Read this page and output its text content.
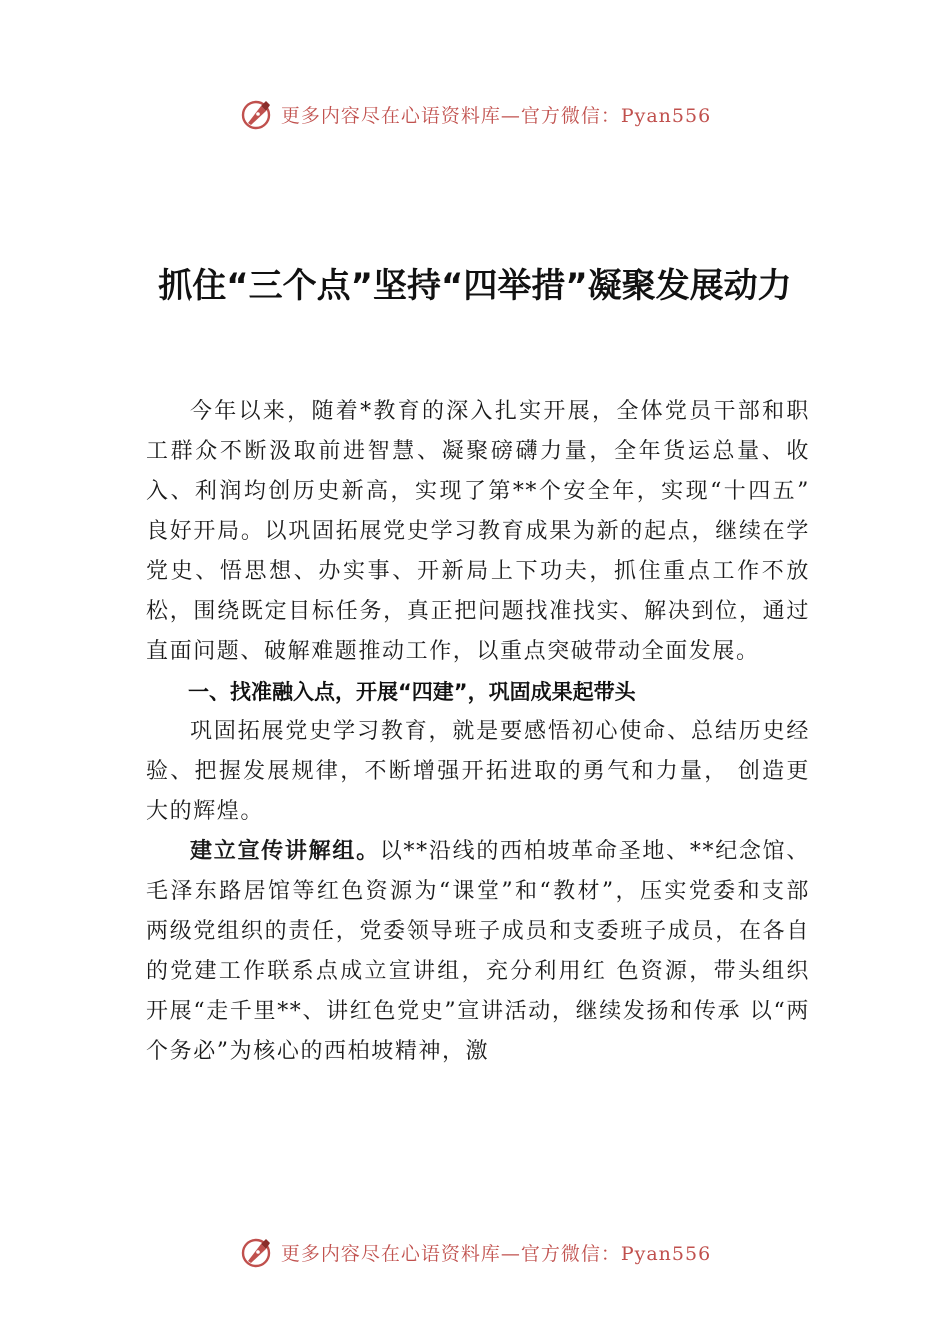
更多内容尽在心语资料库—官方微信：Pyan556
抓住“三个点”坚持“四举措”凝聚发展动力

今年以来，随着*教育的深入扎实开展，全体党员干部和职工群众不断汲取前进智慧、凝聚磅礴力量，全年货运总量、收入、利润均创历史新高，实现了第**个安全年，实现“十四五” 良好开局。以巩固拓展党史学习教育成果为新的起点，继续在学党史、悟思想、办实事、开新局上下功夫，抓住重点工作不放松，围绕既定目标任务，真正把问题找准找实、解决到位，通过直面问题、破解难题推动工作，以重点突破带动全面发展。

一、找准融入点，开展“四建”，巩固成果起带头

巩固拓展党史学习教育，就是要感悟初心使命、总结历史经验、把握发展规律，不断增强开拓进取的勇气和力量， 创造更大的辉煌。

建立宣传讲解组。以**沿线的西柏坡革命圣地、**纪念馆、毛泽东路居馆等红色资源为“课堂”和“教材”，压实党委和支部两级党组织的责任，党委领导班子成员和支委班子成员，在各自的党建工作联系点成立宣讲组，充分利用红 色资源，带头组织开展“走千里**、讲红色党史”宣讲活动，继续发扬和传承 以“两个务必”为核心的西柏坡精神，激

更多内容尽在心语资料库—官方微信：Pyan556
